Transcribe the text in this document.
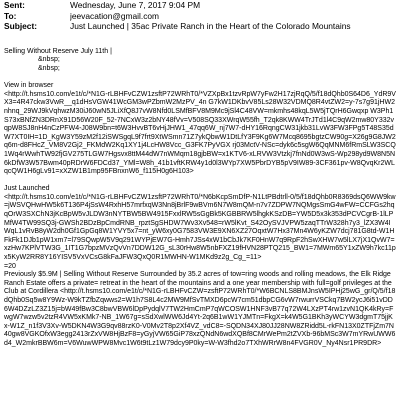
Sent:	Wednesday, June 7, 2017 9:04 PM
To:	jeevacation@gmail.com
Subject:	Just Launched | 35ac Private Ranch in the Heart of the Colorado Mountains
Selling Without Reserve July 11th |
&nbsp;
&nbsp;
View in browser
<http://t.hsms10.com/e1t/c/*N1G-rLBHFvCZW1zsftP72WRhT0/*VZXpBx1tzvRpW7yFw2H17zjRqQ/5/f18dQhb0S64D6_YdR9VX3=4R47ckw3VwR__q1dHsVGW41WcGM3wPZbmW2MzPV_4n G7kW1DKbvV85Ls28W32VDMQ8R4vtZW2=y-7s7g91jHW2nhnq_29WJ9kVqhwzM30iJ60wN5JLiXfQ8J7vW8Nfd0LSMfBFV8M9Mc9jSl4C48VW=mkmhs48kqL5W5jTQrH6Gwqxp W3Ph1S73xBNfZN3DRnX91D56W20F_52-7NCxW3z2bNY48fVv=V508SQ33XWrqW55fh_T2qk8KWW4TrJTd1l4C9qW2mw80Y332vqpW8SJ8nH4nCzPFW4-J08W9bn=t6W3HvvBT6vHjJHW1_47qq6W_nj7W7-dHY16RqngCW31jkb31LvW3FW3FPg5T48S35dW7XT0IH=1D_KgW3Y59zM2f12iSWSgqL9f7frt9XtWSmn71Z7ykQbwW1DtLfY3F9Kg6W7Mcq8695bgtzCW90g=X26g9G8JW2q6m-d8FHcZ_VM8V2Gj2_FKMdW2Kq1XY1j4LcHW8Vcc_G3FK7PyVGX rj03MctV-NSc=dyk6c5sgW6QqMNM6fRmSLW3SCQ1Wq4rWwhTW92fjGV275TLGW7Hgsvx8ttM44dW7nWMqm18gjbBW=x1KTV6-xLRVW3Vtzkj7fnNd0W3wS-Wp298yd9W8N5N6kDfW3W57Bwm40pRDrW6FDCd37_YMl=W8h_41b1vftKRW4y1d0l3WYp7XW5PbrDYB5pV9IW89-3CF361pv-W8QvqKr2WLqcQW1H6gLv91=xXZW1B1mp95FBnxnW6_f115H0g6H103>
Just Launched
<http://t.hsms10.com/e1t/c/*N1G-rLBHFvCZW1zsftP72WRhT0/*N6bKcpSmDfP-N1LtPBdtrll-0/5/f18dQhb0R8369dsQ6WW9kw=jWSVQHwHW5k6T136P4jSsW4RxhH57mrfxqW3Nn8jBrlF9wBVm6N7W8mQM-n7v7ZDPW7NQMgsSmG4wFW=CCFGs2hqqOrW3SXChN3jKcBpW5vJLDW3nNYTBW5BW4915FxxlRW5sGgBk5KGBBRW5lhgkKSzDB=YW5D5x3k353dPCVCgrB-1lLPMfW4TW99SQ3j-GWSh2BDzBpCmdRNB_rpztSgSHDW7Wv3Xv548=rW5lKvt_S42OySVJVPW5zaqTTrW328h7y3_lZX3W4IWqL1vRvB8yW2dh0Gf1GpGq8W1YVY5x7=nt_yW6xy0G7583VW3E9XN6XZ27OqxtW7Hx37Mn4W6yKZW7dcj781G8td-W1HFkFk1DJb1pW1xm7=l79SQwpW5V9q291WYPjEW7G-Hmh7JSs4xW1bCbJk7KF0HnW7q9RpF2hSwXHW7w5lLX7jX1QvW7=xzHw7KPlVTW3G_1IT1G7bpzMVzQvVn7DDW12G_sL30rHw8W5nbFXZ19fHVN28PTQ215_BW1=7MWm65Y1xZW9h7kc11px5KyW2RR8Y16YISV5VxVCsG8kFaJFW3QxQ0R1MWHN-W1MKd9z2g_Cg_=11>
=20
Previously $5.9M | Selling Without Reserve Surrounded by 35.2 acres of tow=ring woods and rolling meadows, the Elk Ridge Ranch Estate offers a private= retreat in the heart of the mountains and a one year membership with full=golf privileges at the Club at Cordillera <http://t.hsms10.com/e1t/c/*N1G-rLBHFvCZW=zsftP72WRhT0/*W6BCNLS8BMJnsW5IPHj25wG_gr/Q/5/f18dQhb0Sq5w8Y9Wz-W9kTZfbZqwws2=W1h7S8L4c2MW9MfSvTMXD6pcW7cm51dbpCG6vW7rwurrVSCkq7BW2ycJ6i51vDD6W4DZzLZ3Z15j=bW49fBw3C8bwVBW6lDpPydqlV7TW2HmCmP7qWCOSW1HNF3vB77q72W4LXzPT4rw1zvN1QK4kRy=FwgW7wzw5v2tzR4VW5xKMk7-NB_1W67g=sSdXwlWW6Jd4Yt-2q6B1wW1YJMTn=FkgX=k4W5G1BKh3yWCYW3dgmT75jjKx-W1Z_n1f3V3Xv-W5DKN4W3G9qv88rzK0-V0Mv2T8p2Xf4VZ_vdC8=-SQDN34XJ80JJ28NW8ZRidd5L-rkFN13X0ZTFjZm7N40gw8VGKOfxW3egg2413rZxVW8HjBzF8=yGyjVW65GiP78xzQNdN6wdXQBf8CMrWePm2tZVXb-96bMSc3W7mYRwUWW6d4_W2mkrBBW6m=V6WuwWPW8Mvc1W6t9tLz1W79dcy9P0ky=W-W3fhd2o7TXhWRrW8n4FVGR0V_Ny4Nsr1PR9DR>
